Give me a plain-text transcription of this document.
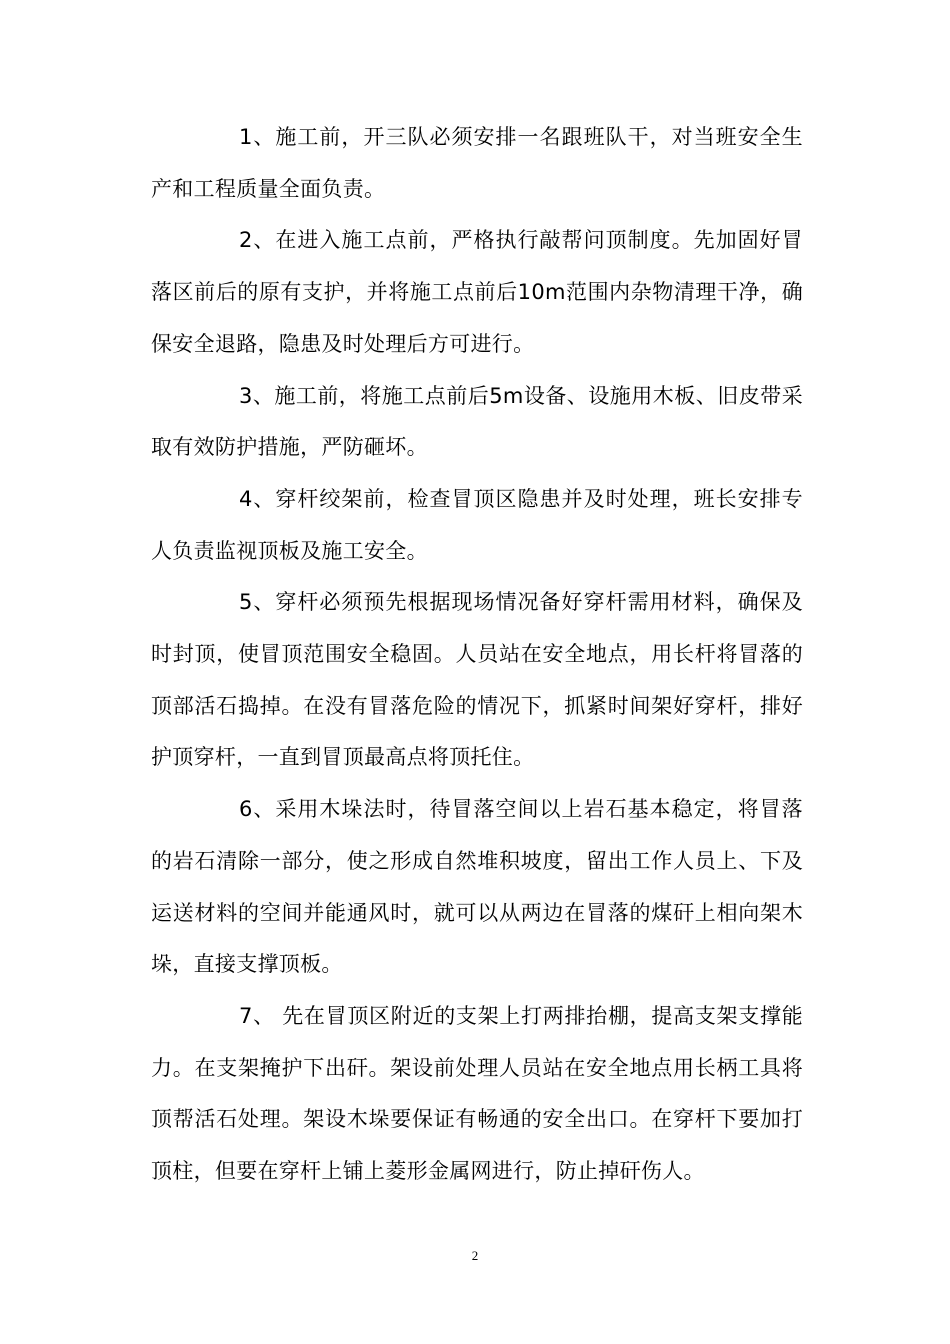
1、施工前，开三队必须安排一名跟班队干，对当班安全生产和工程质量全面负责。

2、在进入施工点前，严格执行敲帮问顶制度。先加固好冒落区前后的原有支护，并将施工点前后10m范围内杂物清理干净，确保安全退路，隐患及时处理后方可进行。

3、施工前，将施工点前后5m设备、设施用木板、旧皮带采取有效防护措施，严防砸坏。

4、穿杆绞架前，检查冒顶区隐患并及时处理，班长安排专人负责监视顶板及施工安全。

5、穿杆必须预先根据现场情况备好穿杆需用材料，确保及时封顶，使冒顶范围安全稳固。人员站在安全地点，用长杆将冒落的顶部活石捣掉。在没有冒落危险的情况下，抓紧时间架好穿杆，排好护顶穿杆，一直到冒顶最高点将顶托住。

6、采用木垛法时，待冒落空间以上岩石基本稳定，将冒落的岩石清除一部分，使之形成自然堆积坡度，留出工作人员上、下及运送材料的空间并能通风时，就可以从两边在冒落的煤矸上相向架木垛，直接支撑顶板。

7、 先在冒顶区附近的支架上打两排抬棚，提高支架支撑能力。在支架掩护下出矸。架设前处理人员站在安全地点用长柄工具将顶帮活石处理。架设木垛要保证有畅通的安全出口。在穿杆下要加打顶柱，但要在穿杆上铺上菱形金属网进行，防止掉矸伤人。

2
